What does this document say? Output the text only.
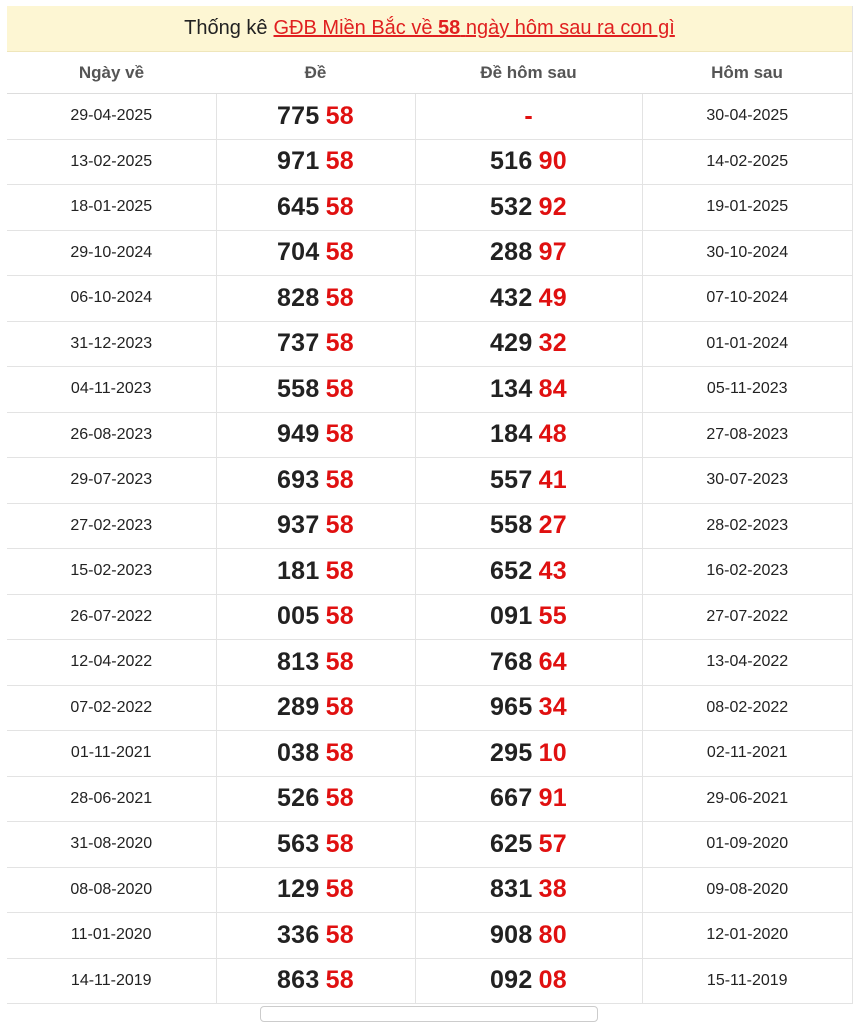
Thống kê GĐB Miền Bắc về 58 ngày hôm sau ra con gì
Ngày về	Đề	Đề hôm sau	Hôm sau
29-04-2025	775 58	-	30-04-2025
13-02-2025	971 58	516 90	14-02-2025
18-01-2025	645 58	532 92	19-01-2025
29-10-2024	704 58	288 97	30-10-2024
06-10-2024	828 58	432 49	07-10-2024
31-12-2023	737 58	429 32	01-01-2024
04-11-2023	558 58	134 84	05-11-2023
26-08-2023	949 58	184 48	27-08-2023
29-07-2023	693 58	557 41	30-07-2023
27-02-2023	937 58	558 27	28-02-2023
15-02-2023	181 58	652 43	16-02-2023
26-07-2022	005 58	091 55	27-07-2022
12-04-2022	813 58	768 64	13-04-2022
07-02-2022	289 58	965 34	08-02-2022
01-11-2021	038 58	295 10	02-11-2021
28-06-2021	526 58	667 91	29-06-2021
31-08-2020	563 58	625 57	01-09-2020
08-08-2020	129 58	831 38	09-08-2020
11-01-2020	336 58	908 80	12-01-2020
14-11-2019	863 58	092 08	15-11-2019
